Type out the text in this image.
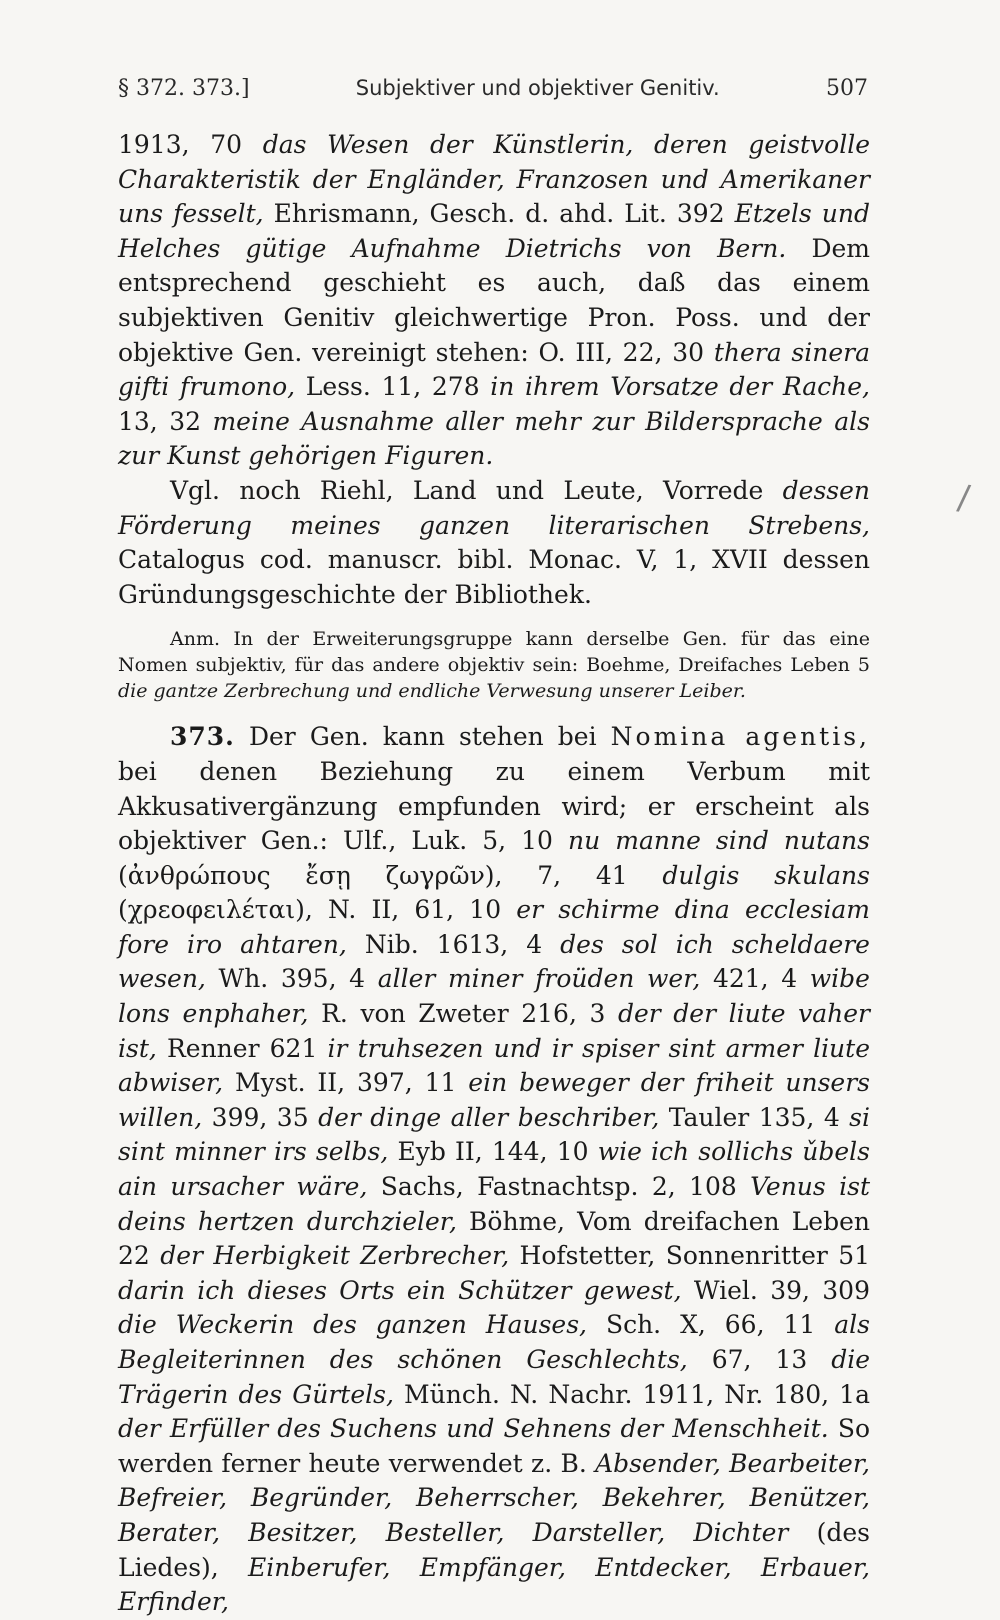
§ 372. 373.]	Subjektiver und objektiver Genitiv.	507

1913, 70 das Wesen der Künstlerin, deren geistvolle Charakteristik der Engländer, Franzosen und Amerikaner uns fesselt, Ehrismann, Gesch. d. ahd. Lit. 392 Etzels und Helches gütige Aufnahme Dietrichs von Bern. Dem entsprechend geschieht es auch, daß das einem subjektiven Genitiv gleichwertige Pron. Poss. und der objektive Gen. vereinigt stehen: O. III, 22, 30 thera sinera gifti frumono, Less. 11, 278 in ihrem Vorsatze der Rache, 13, 32 meine Ausnahme aller mehr zur Bildersprache als zur Kunst gehörigen Figuren.

Vgl. noch Riehl, Land und Leute, Vorrede dessen Förderung meines ganzen literarischen Strebens, Catalogus cod. manuscr. bibl. Monac. V, 1, XVII dessen Gründungsgeschichte der Bibliothek.

Anm. In der Erweiterungsgruppe kann derselbe Gen. für das eine Nomen subjektiv, für das andere objektiv sein: Boehme, Dreifaches Leben 5 die gantze Zerbrechung und endliche Verwesung unserer Leiber.

373. Der Gen. kann stehen bei Nomina agentis, bei denen Beziehung zu einem Verbum mit Akkusativergänzung empfunden wird; er erscheint als objektiver Gen.: Ulf., Luk. 5, 10 nu manne sind nutans (ἀνθρώπους ἔσῃ ζωγρῶν), 7, 41 dulgis skulans (χρεοφειλέται), N. II, 61, 10 er schirme dina ecclesiam fore iro ahtaren, Nib. 1613, 4 des sol ich scheldaere wesen, Wh. 395, 4 aller miner froüden wer, 421, 4 wibe lons enphaher, R. von Zweter 216, 3 der der liute vaher ist, Renner 621 ir truhsezen und ir spiser sint armer liute abwiser, Myst. II, 397, 11 ein beweger der friheit unsers willen, 399, 35 der dinge aller beschriber, Tauler 135, 4 si sint minner irs selbs, Eyb II, 144, 10 wie ich sollichs ǔbels ain ursacher wäre, Sachs, Fastnachtsp. 2, 108 Venus ist deins hertzen durchzieler, Böhme, Vom dreifachen Leben 22 der Herbigkeit Zerbrecher, Hofstetter, Sonnenritter 51 darin ich dieses Orts ein Schützer gewest, Wiel. 39, 309 die Weckerin des ganzen Hauses, Sch. X, 66, 11 als Begleiterinnen des schönen Geschlechts, 67, 13 die Trägerin des Gürtels, Münch. N. Nachr. 1911, Nr. 180, 1a der Erfüller des Suchens und Sehnens der Menschheit. So werden ferner heute verwendet z. B. Absender, Bearbeiter, Befreier, Begründer, Beherrscher, Bekehrer, Benützer, Berater, Besitzer, Besteller, Darsteller, Dichter (des Liedes), Einberufer, Empfänger, Entdecker, Erbauer, Erfinder,

/
